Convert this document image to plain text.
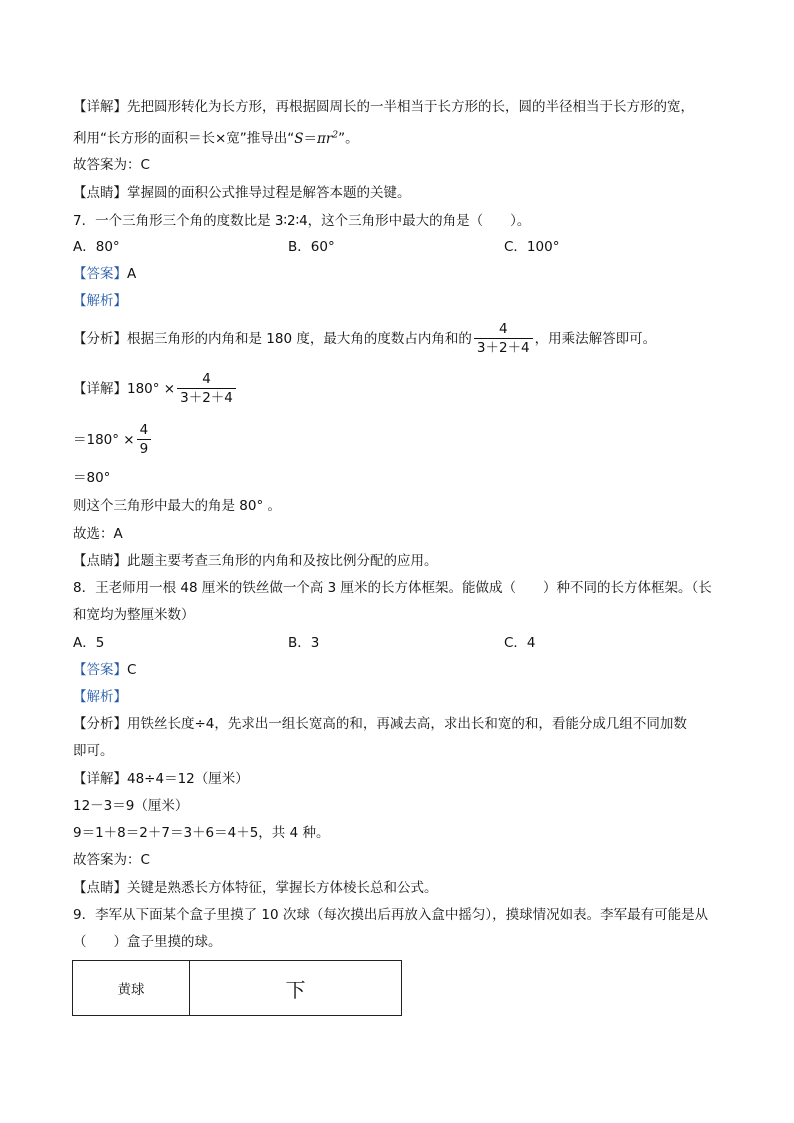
【详解】先把圆形转化为长方形，再根据圆周长的一半相当于长方形的长，圆的半径相当于长方形的宽，
利用“长方形的面积＝长×宽”推导出“$S=\pi r^2$”。
故答案为：C
【点睛】掌握圆的面积公式推导过程是解答本题的关键。
7．一个三角形三个角的度数比是 3∶2∶4，这个三角形中最大的角是（　　）。
A．80°	B．60°	C．100°
【答案】A
【解析】
【分析】根据三角形的内角和是 180 度，最大角的度数占内角和的 $\frac{4}{3+2+4}$ ，用乘法解答即可。
【详解】$180^\circ \times \frac{4}{3+2+4}$
$=180^\circ \times \frac{4}{9}$
＝80°
则这个三角形中最大的角是 80° 。
故选：A
【点睛】此题主要考查三角形的内角和及按比例分配的应用。
8．王老师用一根 48 厘米的铁丝做一个高 3 厘米的长方体框架。能做成（　　）种不同的长方体框架。（长
和宽均为整厘米数）
A．5	B．3	C．4
【答案】C
【解析】
【分析】用铁丝长度÷4，先求出一组长宽高的和，再减去高，求出长和宽的和，看能分成几组不同加数
即可。
【详解】48÷4＝12（厘米）
12－3＝9（厘米）
9＝1＋8＝2＋7＝3＋6＝4＋5，共 4 种。
故答案为：C
【点睛】关键是熟悉长方体特征，掌握长方体棱长总和公式。
9．李军从下面某个盒子里摸了 10 次球（每次摸出后再放入盒中摇匀），摸球情况如表。李军最有可能是从
（　　）盒子里摸的球。
黄球	下
